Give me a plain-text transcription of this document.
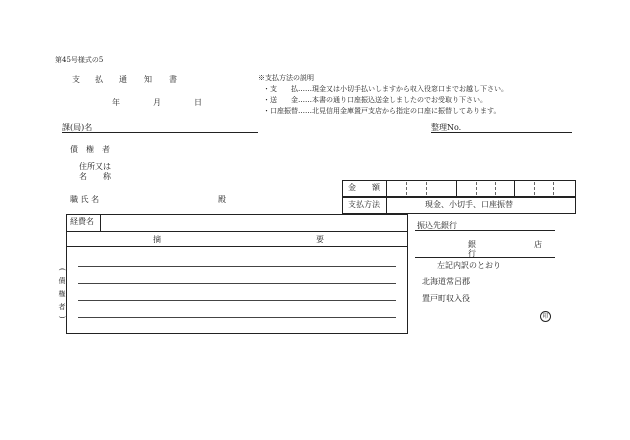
第45号様式の5
支 払 通 知 書
年	月	日
※支払方法の説明
・支　　払……現金又は小切手払いしますから収入役窓口までお越し下さい。
・送　　金……本書の通り口座振込送金しましたのでお受取り下さい。
・口座振替……北見信用金庫置戸支店から指定の口座に振替してあります。
課(局)名	整理No.
債　権　者
住所又は
名　　称
職 氏 名	殿
金　　額
支払方法	現金、小切手、口座振替
経費名
摘	要
(債権者)
振込先銀行
銀	店
行
左記内訳のとおり
北海道常呂郡
置戸町収入役
印
